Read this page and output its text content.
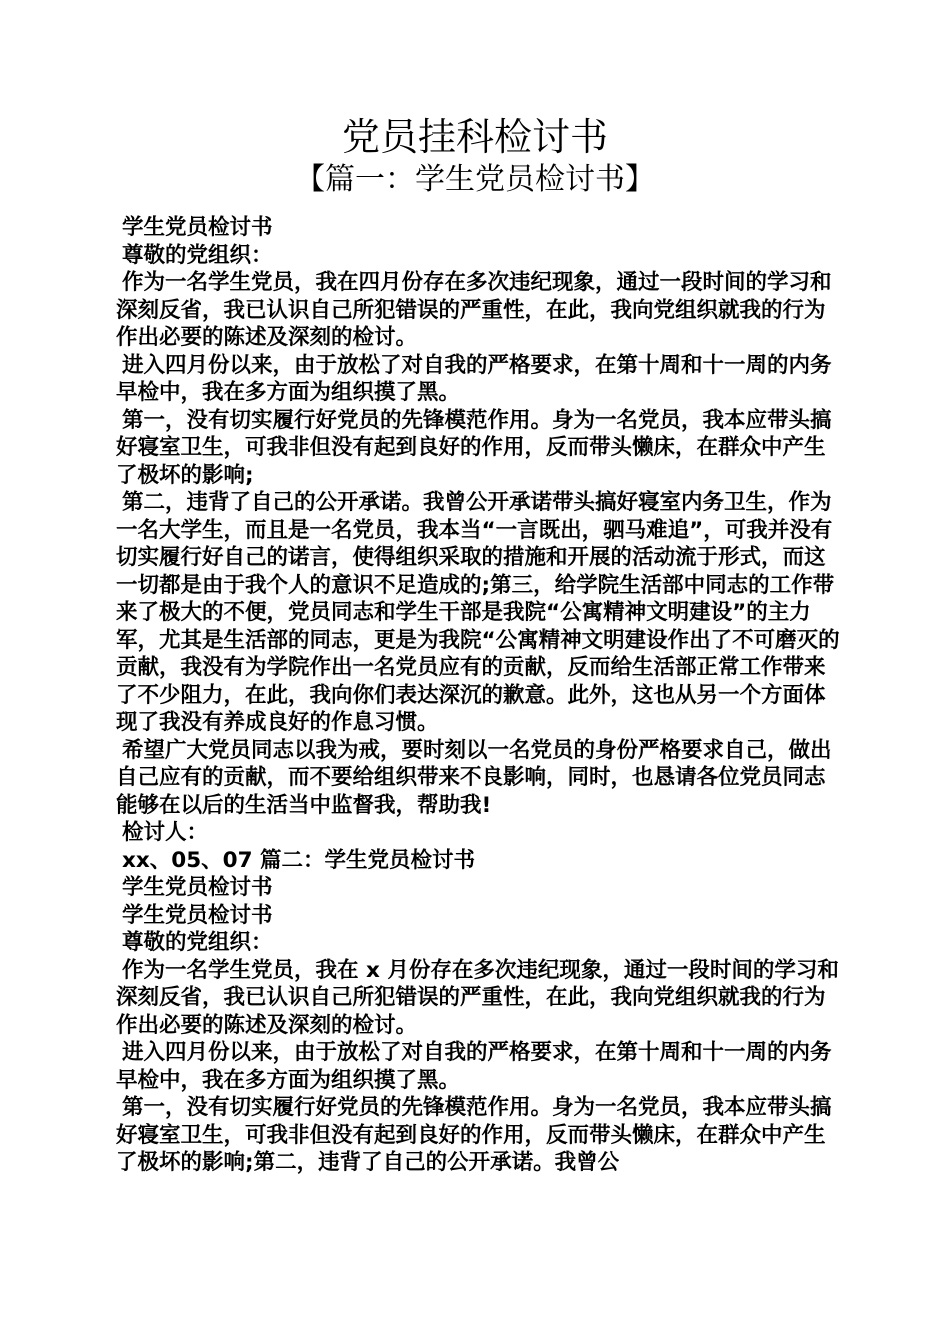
党员挂科检讨书
【篇一：学生党员检讨书】

学生党员检讨书

尊敬的党组织：

作为一名学生党员，我在四月份存在多次违纪现象，通过一段时间的学习和深刻反省，我已认识自己所犯错误的严重性，在此，我向党组织就我的行为作出必要的陈述及深刻的检讨。

进入四月份以来，由于放松了对自我的严格要求，在第十周和十一周的内务早检中，我在多方面为组织摸了黑。

第一，没有切实履行好党员的先锋模范作用。身为一名党员，我本应带头搞好寝室卫生，可我非但没有起到良好的作用，反而带头懒床，在群众中产生了极坏的影响;

第二，违背了自己的公开承诺。我曾公开承诺带头搞好寝室内务卫生，作为一名大学生，而且是一名党员，我本当“一言既出，驷马难追”，可我并没有切实履行好自己的诺言，使得组织采取的措施和开展的活动流于形式，而这一切都是由于我个人的意识不足造成的;第三，给学院生活部中同志的工作带来了极大的不便，党员同志和学生干部是我院“公寓精神文明建设”的主力军，尤其是生活部的同志，更是为我院“公寓精神文明建设作出了不可磨灭的贡献，我没有为学院作出一名党员应有的贡献，反而给生活部正常工作带来了不少阻力，在此，我向你们表达深沉的歉意。此外，这也从另一个方面体现了我没有养成良好的作息习惯。

希望广大党员同志以我为戒，要时刻以一名党员的身份严格要求自己，做出自己应有的贡献，而不要给组织带来不良影响，同时，也恳请各位党员同志能够在以后的生活当中监督我，帮助我!

检讨人：

xx、05、07 篇二：学生党员检讨书

学生党员检讨书

学生党员检讨书

尊敬的党组织：

作为一名学生党员，我在 x 月份存在多次违纪现象，通过一段时间的学习和深刻反省，我已认识自己所犯错误的严重性，在此，我向党组织就我的行为作出必要的陈述及深刻的检讨。

进入四月份以来，由于放松了对自我的严格要求，在第十周和十一周的内务早检中，我在多方面为组织摸了黑。

第一，没有切实履行好党员的先锋模范作用。身为一名党员，我本应带头搞好寝室卫生，可我非但没有起到良好的作用，反而带头懒床，在群众中产生了极坏的影响;第二，违背了自己的公开承诺。我曾公
